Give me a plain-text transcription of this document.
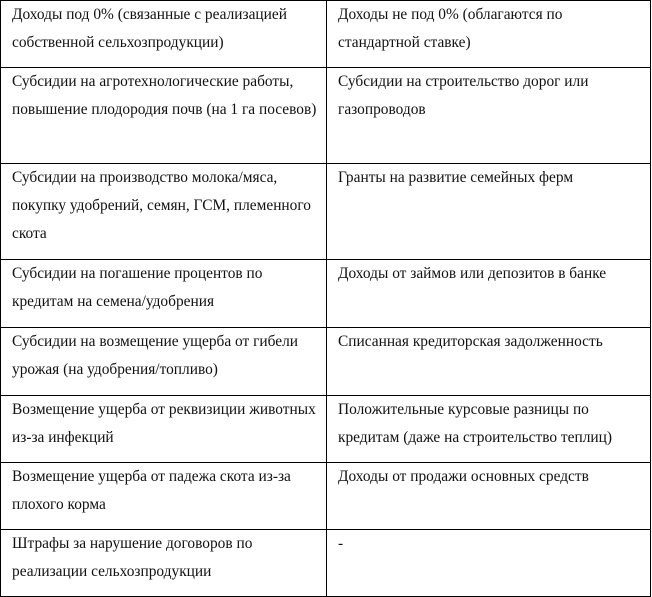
Доходы под 0% (связанные с реализацией собственной сельхозпродукции)	Доходы не под 0% (облагаются по стандартной ставке)

Субсидии на агротехнологические работы, повышение плодородия почв (на 1 га посевов)	Субсидии на строительство дорог или газопроводов

Субсидии на производство молока/мяса, покупку удобрений, семян, ГСМ, племенного скота	Гранты на развитие семейных ферм

Субсидии на погашение процентов по кредитам на семена/удобрения	Доходы от займов или депозитов в банке

Субсидии на возмещение ущерба от гибели урожая (на удобрения/топливо)	Списанная кредиторская задолженность

Возмещение ущерба от реквизиции животных из-за инфекций	Положительные курсовые разницы по кредитам (даже на строительство теплиц)

Возмещение ущерба от падежа скота из-за плохого корма	Доходы от продажи основных средств

Штрафы за нарушение договоров по реализации сельхозпродукции	-
